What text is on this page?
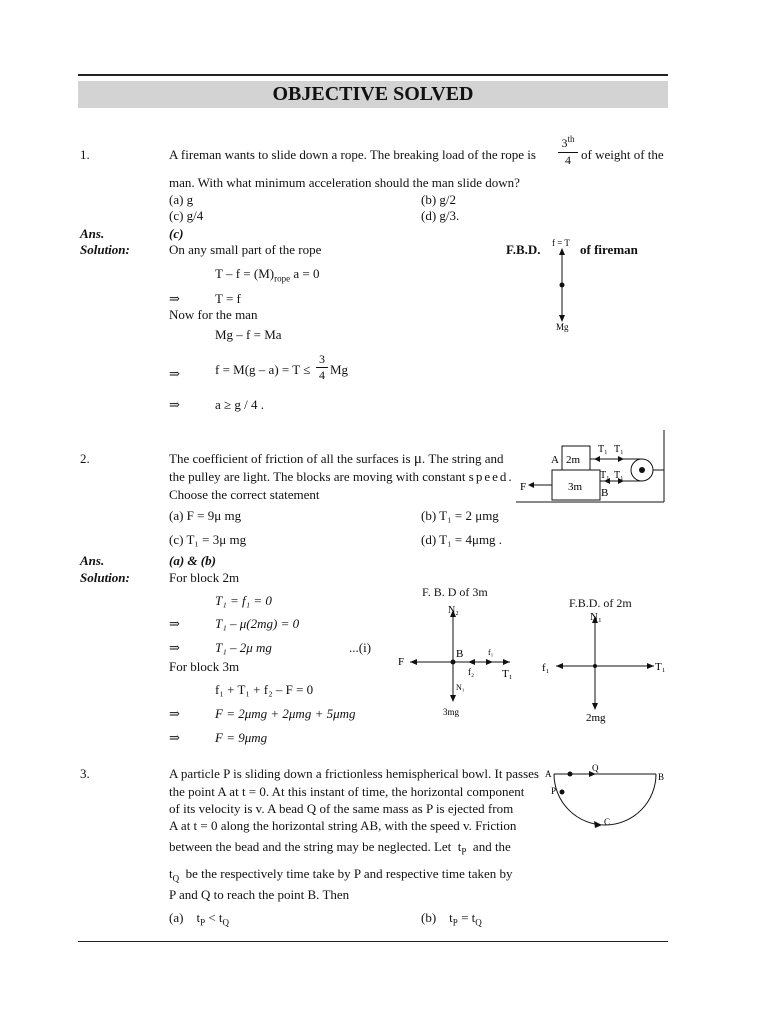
OBJECTIVE SOLVED
1.	A fireman wants to slide down a rope. The breaking load of the rope is
3th
4 of weight of the
man. With what minimum acceleration should the man slide down?
(a) g	(b) g/2
(c) g/4	(d) g/3.
Ans.	(c)
Solution:	On any small part of the rope
$T - f = (M)_{rope}$ a = 0
⇒	T = f
Now for the man
Mg – f = Ma
⇒	$f = M(g - a) = T \le \frac{3}{4}$ Mg
⇒	a ≥ g / 4 .
F.B.D.	of fireman
f = T
Mg
2.	The coefficient of friction of all the surfaces is μ. The string and
the pulley are light. The blocks are moving with constant speed.
Choose the correct statement
(a) F = 9μ mg	(b) T₁ = 2 μmg
(c) T₁ = 3μ mg	(d) T₁ = 4μmg .
Ans.	(a) & (b)
Solution:	For block 2m
T₁ = f₁ = 0
⇒	T₁ – μ(2mg) = 0
⇒	T₁ – 2μ mg	...(i)
For block 3m
f₁ + T₁ + f₂ – F = 0
⇒	F = 2μmg + 2μmg + 5μmg
⇒	F = 9μmg
A 2m
3m
F	B
T₁ T₁
T₁ T₁
F. B. D of 3m
N₂
F
B	f₁
f₂	T₁
N₁
3mg
F.B.D. of 2m
N₁
f₁	T₁
2mg
3.	A particle P is sliding down a frictionless hemispherical bowl. It passes
the point A at t = 0. At this instant of time, the horizontal component
of its velocity is v. A bead Q of the same mass as P is ejected from
A at t = 0 along the horizontal string AB, with the speed v. Friction
between the bead and the string may be neglected. Let $t_P$ and the
$t_Q$ be the respectively time take by P and respective time taken by
P and Q to reach the point B. Then
(a) $t_P < t_Q$	(b) $t_P = t_Q$
A	B
P
Q
C
